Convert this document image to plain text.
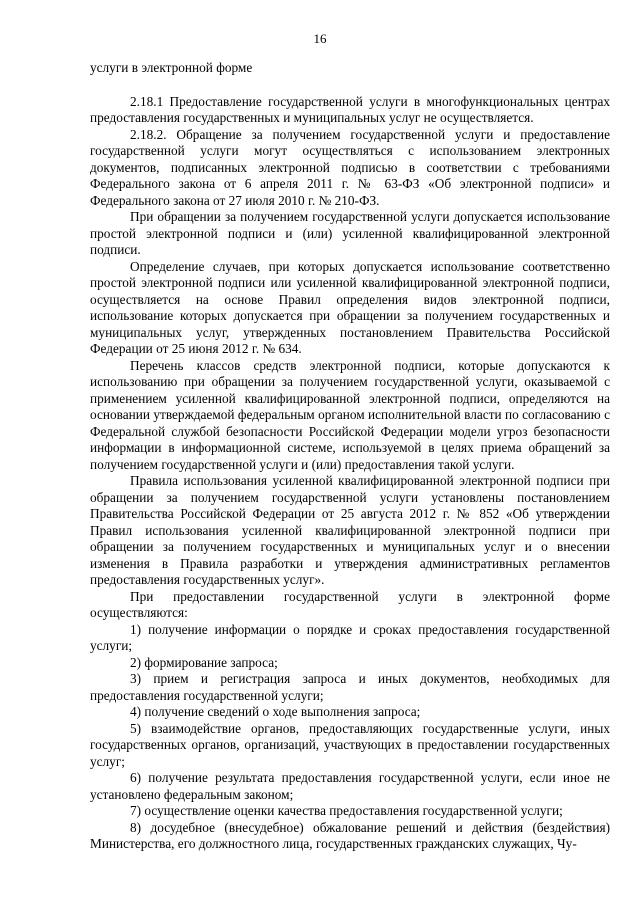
16

услуги в электронной форме

2.18.1 Предоставление государственной услуги в многофункциональных центрах предоставления государственных и муниципальных услуг не осуществляется.

2.18.2. Обращение за получением государственной услуги и предоставление государственной услуги могут осуществляться с использованием электронных документов, подписанных электронной подписью в соответствии с требованиями Федерального закона от 6 апреля 2011 г. № 63-ФЗ «Об электронной подписи» и Федерального закона от 27 июля 2010 г. № 210-ФЗ.

При обращении за получением государственной услуги допускается использование простой электронной подписи и (или) усиленной квалифицированной электронной подписи.

Определение случаев, при которых допускается использование соответственно простой электронной подписи или усиленной квалифицированной электронной подписи, осуществляется на основе Правил определения видов электронной подписи, использование которых допускается при обращении за получением государственных и муниципальных услуг, утвержденных постановлением Правительства Российской Федерации от 25 июня 2012 г. № 634.

Перечень классов средств электронной подписи, которые допускаются к использованию при обращении за получением государственной услуги, оказываемой с применением усиленной квалифицированной электронной подписи, определяются на основании утверждаемой федеральным органом исполнительной власти по согласованию с Федеральной службой безопасности Российской Федерации модели угроз безопасности информации в информационной системе, используемой в целях приема обращений за получением государственной услуги и (или) предоставления такой услуги.

Правила использования усиленной квалифицированной электронной подписи при обращении за получением государственной услуги установлены постановлением Правительства Российской Федерации от 25 августа 2012 г. № 852 «Об утверждении Правил использования усиленной квалифицированной электронной подписи при обращении за получением государственных и муниципальных услуг и о внесении изменения в Правила разработки и утверждения административных регламентов предоставления государственных услуг».

При предоставлении государственной услуги в электронной форме осуществляются:

1) получение информации о порядке и сроках предоставления государственной услуги;

2) формирование запроса;

3) прием и регистрация запроса и иных документов, необходимых для предоставления государственной услуги;

4) получение сведений о ходе выполнения запроса;

5) взаимодействие органов, предоставляющих государственные услуги, иных государственных органов, организаций, участвующих в предоставлении государственных услуг;

6) получение результата предоставления государственной услуги, если иное не установлено федеральным законом;

7) осуществление оценки качества предоставления государственной услуги;

8) досудебное (внесудебное) обжалование решений и действия (бездействия) Министерства, его должностного лица, государственных гражданских служащих, Чу-
